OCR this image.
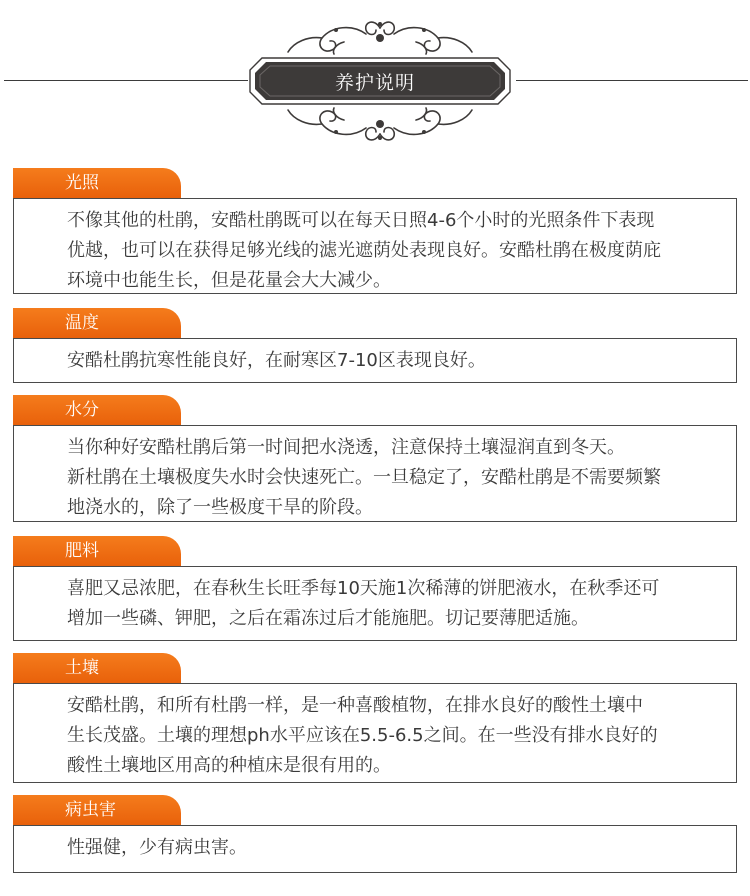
养护说明
光照

不像其他的杜鹃，安酷杜鹃既可以在每天日照4-6个小时的光照条件下表现

优越，也可以在获得足够光线的滤光遮荫处表现良好。安酷杜鹃在极度荫庇

环境中也能生长，但是花量会大大减少。

温度

安酷杜鹃抗寒性能良好，在耐寒区7-10区表现良好。

水分

当你种好安酷杜鹃后第一时间把水浇透，注意保持土壤湿润直到冬天。

新杜鹃在土壤极度失水时会快速死亡。一旦稳定了，安酷杜鹃是不需要频繁

地浇水的，除了一些极度干旱的阶段。

肥料

喜肥又忌浓肥，在春秋生长旺季每10天施1次稀薄的饼肥液水，在秋季还可

增加一些磷、钾肥，之后在霜冻过后才能施肥。切记要薄肥适施。

土壤

安酷杜鹃，和所有杜鹃一样，是一种喜酸植物，在排水良好的酸性土壤中

生长茂盛。土壤的理想ph水平应该在5.5-6.5之间。在一些没有排水良好的

酸性土壤地区用高的种植床是很有用的。

病虫害

性强健，少有病虫害。
